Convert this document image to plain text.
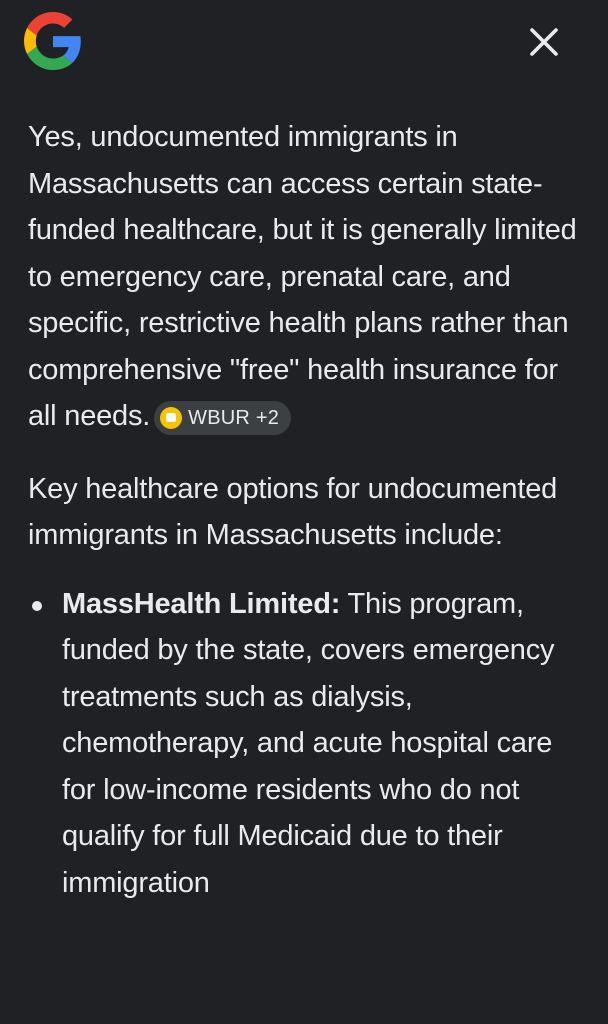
Yes, undocumented immigrants in Massachusetts can access certain state-funded healthcare, but it is generally limited to emergency care, prenatal care, and specific, restrictive health plans rather than comprehensive "free" health insurance for all needs. WBUR +2

Key healthcare options for undocumented immigrants in Massachusetts include:

MassHealth Limited: This program, funded by the state, covers emergency treatments such as dialysis, chemotherapy, and acute hospital care for low-income residents who do not qualify for full Medicaid due to their immigration
